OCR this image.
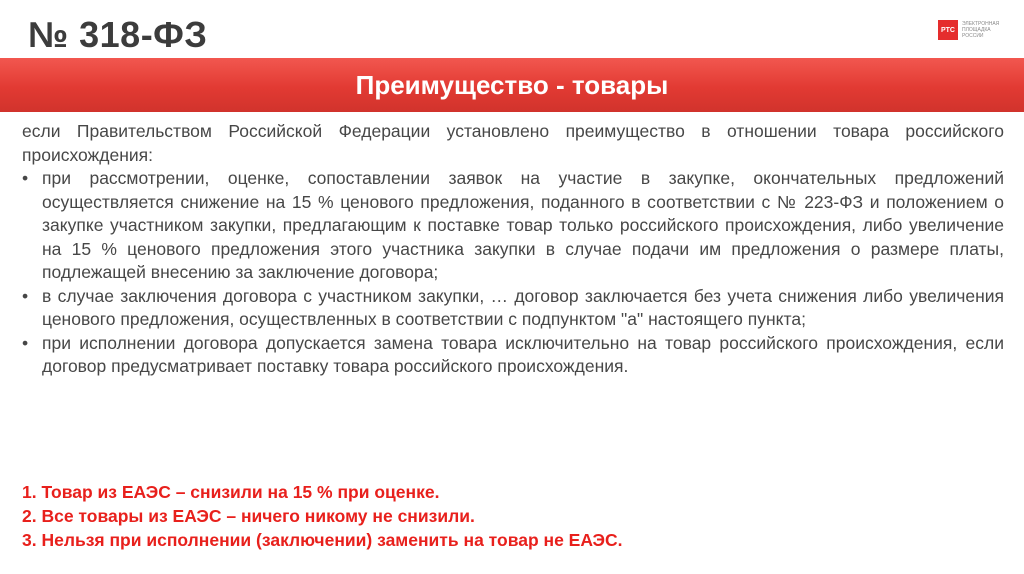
№ 318-ФЗ	РТС
ЭЛЕКТРОННАЯ ПЛОЩАДКА РОССИИ
Преимущество - товары

если Правительством Российской Федерации установлено преимущество в отношении товара российского происхождения:

• при рассмотрении, оценке, сопоставлении заявок на участие в закупке, окончательных предложений осуществляется снижение на 15 % ценового предложения, поданного в соответствии с № 223-ФЗ и положением о закупке участником закупки, предлагающим к поставке товар только российского происхождения, либо увеличение на 15 % ценового предложения этого участника закупки в случае подачи им предложения о размере платы, подлежащей внесению за заключение договора;
• в случае заключения договора с участником закупки, … договор заключается без учета снижения либо увеличения ценового предложения, осуществленных в соответствии с подпунктом "а" настоящего пункта;
• при исполнении договора допускается замена товара исключительно на товар российского происхождения, если договор предусматривает поставку товара российского происхождения.

1. Товар из ЕАЭС – снизили на 15 % при оценке.

2. Все товары из ЕАЭС – ничего никому не снизили.

3. Нельзя при исполнении (заключении) заменить на товар не ЕАЭС.
